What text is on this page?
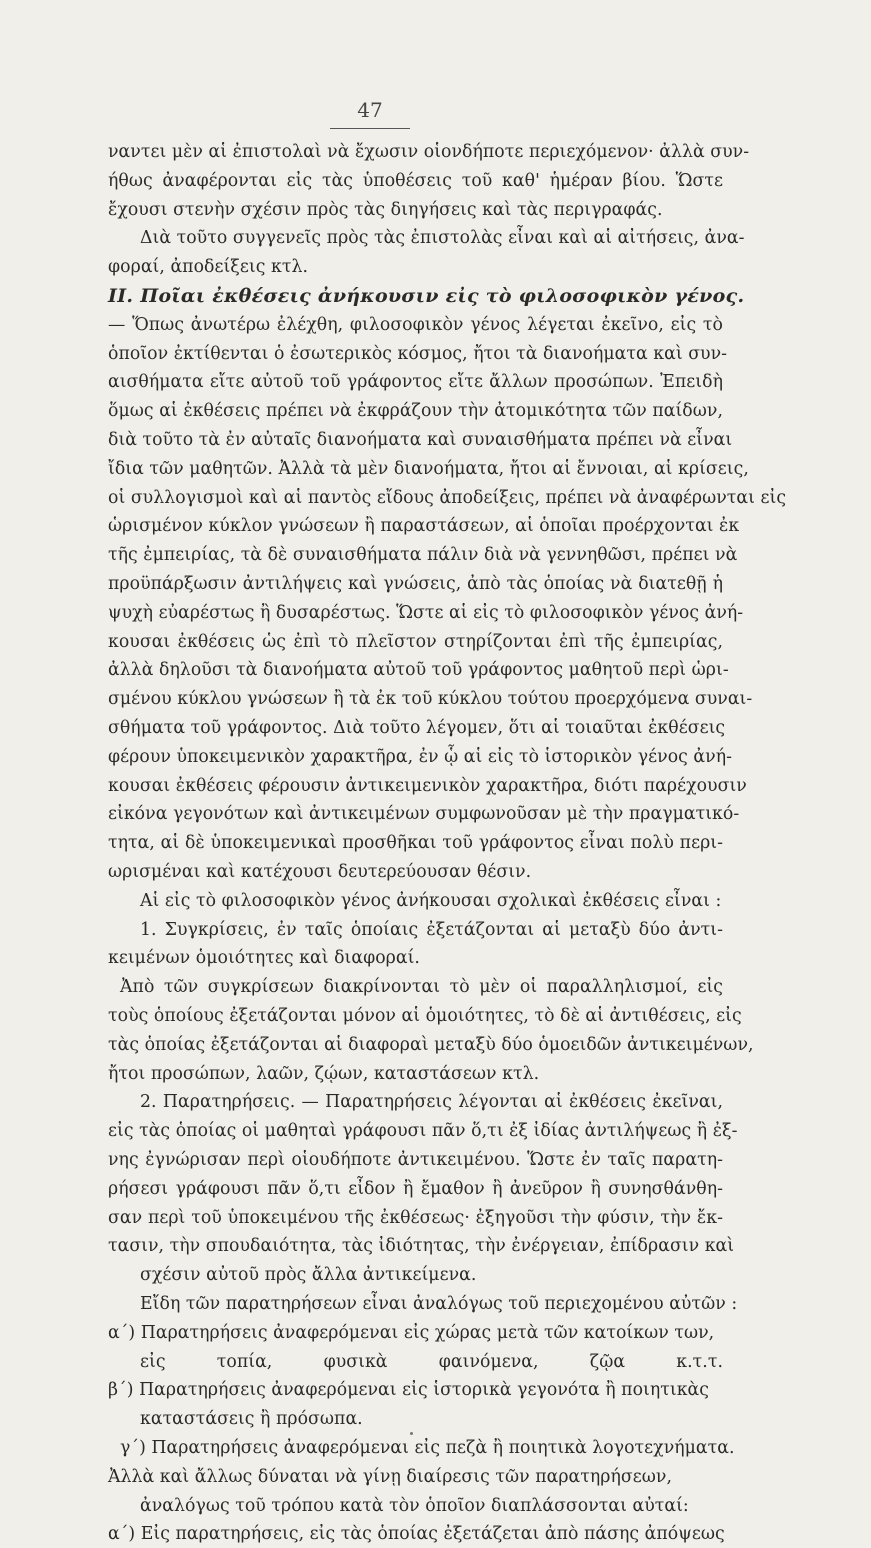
47
ναντει μὲν αἱ ἐπιστολαὶ νὰ ἔχωσιν οἱονδήποτε περιεχόμενον· ἀλλὰ συν-
ήθως ἀναφέρονται εἰς τὰς ὑποθέσεις τοῦ καθ' ἡμέραν βίου. Ὥστε
ἔχουσι στενὴν σχέσιν πρὸς τὰς διηγήσεις καὶ τὰς περιγραφάς.
Διὰ τοῦτο συγγενεῖς πρὸς τὰς ἐπιστολὰς εἶναι καὶ αἱ αἰτήσεις, ἀνα-
φοραί, ἀποδείξεις κτλ.
II. Ποῖαι ἐκθέσεις ἀνήκουσιν εἰς τὸ φιλοσοφικὸν γένος.
— Ὅπως ἀνωτέρω ἐλέχθη, φιλοσοφικὸν γένος λέγεται ἐκεῖνο, εἰς τὸ
ὁποῖον ἐκτίθενται ὁ ἐσωτερικὸς κόσμος, ἤτοι τὰ διανοήματα καὶ συν-
αισθήματα εἴτε αὐτοῦ τοῦ γράφοντος εἴτε ἄλλων προσώπων. Ἐπειδὴ
ὅμως αἱ ἐκθέσεις πρέπει νὰ ἐκφράζουν τὴν ἀτομικότητα τῶν παίδων,
διὰ τοῦτο τὰ ἐν αὐταῖς διανοήματα καὶ συναισθήματα πρέπει νὰ εἶναι
ἴδια τῶν μαθητῶν. Ἀλλὰ τὰ μὲν διανοήματα, ἤτοι αἱ ἔννοιαι, αἱ κρίσεις,
οἱ συλλογισμοὶ καὶ αἱ παντὸς εἴδους ἀποδείξεις, πρέπει νὰ ἀναφέρωνται εἰς
ὡρισμένον κύκλον γνώσεων ἢ παραστάσεων, αἱ ὁποῖαι προέρχονται ἐκ
τῆς ἐμπειρίας, τὰ δὲ συναισθήματα πάλιν διὰ νὰ γεννηθῶσι, πρέπει νὰ
προϋπάρξωσιν ἀντιλήψεις καὶ γνώσεις, ἀπὸ τὰς ὁποίας νὰ διατεθῇ ἡ
ψυχὴ εὐαρέστως ἢ δυσαρέστως. Ὥστε αἱ εἰς τὸ φιλοσοφικὸν γένος ἀνή-
κουσαι ἐκθέσεις ὡς ἐπὶ τὸ πλεῖστον στηρίζονται ἐπὶ τῆς ἐμπειρίας,
ἀλλὰ δηλοῦσι τὰ διανοήματα αὐτοῦ τοῦ γράφοντος μαθητοῦ περὶ ὡρι-
σμένου κύκλου γνώσεων ἢ τὰ ἐκ τοῦ κύκλου τούτου προερχόμενα συναι-
σθήματα τοῦ γράφοντος. Διὰ τοῦτο λέγομεν, ὅτι αἱ τοιαῦται ἐκθέσεις
φέρουν ὑποκειμενικὸν χαρακτῆρα, ἐν ᾧ αἱ εἰς τὸ ἱστορικὸν γένος ἀνή-
κουσαι ἐκθέσεις φέρουσιν ἀντικειμενικὸν χαρακτῆρα, διότι παρέχουσιν
εἰκόνα γεγονότων καὶ ἀντικειμένων συμφωνοῦσαν μὲ τὴν πραγματικό-
τητα, αἱ δὲ ὑποκειμενικαὶ προσθῆκαι τοῦ γράφοντος εἶναι πολὺ περι-
ωρισμέναι καὶ κατέχουσι δευτερεύουσαν θέσιν.
Αἱ εἰς τὸ φιλοσοφικὸν γένος ἀνήκουσαι σχολικαὶ ἐκθέσεις εἶναι :
1. Συγκρίσεις, ἐν ταῖς ὁποίαις ἐξετάζονται αἱ μεταξὺ δύο ἀντι-
κειμένων ὁμοιότητες καὶ διαφοραί.
Ἀπὸ τῶν συγκρίσεων διακρίνονται τὸ μὲν οἱ παραλληλισμοί, εἰς
τοὺς ὁποίους ἐξετάζονται μόνον αἱ ὁμοιότητες, τὸ δὲ αἱ ἀντιθέσεις, εἰς
τὰς ὁποίας ἐξετάζονται αἱ διαφοραὶ μεταξὺ δύο ὁμοειδῶν ἀντικειμένων,
ἤτοι προσώπων, λαῶν, ζῴων, καταστάσεων κτλ.
2. Παρατηρήσεις. — Παρατηρήσεις λέγονται αἱ ἐκθέσεις ἐκεῖναι,
εἰς τὰς ὁποίας οἱ μαθηταὶ γράφουσι πᾶν ὅ,τι ἐξ ἰδίας ἀντιλήψεως ἢ ἐξ-
νης ἐγνώρισαν περὶ οἱουδήποτε ἀντικειμένου. Ὥστε ἐν ταῖς παρατη-
ρήσεσι γράφουσι πᾶν ὅ,τι εἶδον ἢ ἔμαθον ἢ ἀνεῦρον ἢ συνησθάνθη-
σαν περὶ τοῦ ὑποκειμένου τῆς ἐκθέσεως· ἐξηγοῦσι τὴν φύσιν, τὴν ἔκ-
τασιν, τὴν σπουδαιότητα, τὰς ἰδιότητας, τὴν ἐνέργειαν, ἐπίδρασιν καὶ
σχέσιν αὐτοῦ πρὸς ἄλλα ἀντικείμενα.
Εἴδη τῶν παρατηρήσεων εἶναι ἀναλόγως τοῦ περιεχομένου αὐτῶν :
α΄) Παρατηρήσεις ἀναφερόμεναι εἰς χώρας μετὰ τῶν κατοίκων των,
εἰς τοπία, φυσικὰ φαινόμενα, ζῷα κ.τ.τ.
β΄) Παρατηρήσεις ἀναφερόμεναι εἰς ἱστορικὰ γεγονότα ἢ ποιητικὰς
καταστάσεις ἢ πρόσωπα.
γ΄) Παρατηρήσεις ἀναφερόμεναι εἰς πεζὰ ἢ ποιητικὰ λογοτεχνήματα.
Ἀλλὰ καὶ ἄλλως δύναται νὰ γίνῃ διαίρεσις τῶν παρατηρήσεων,
ἀναλόγως τοῦ τρόπου κατὰ τὸν ὁποῖον διαπλάσσονται αὐταί:
α΄) Εἰς παρατηρήσεις, εἰς τὰς ὁποίας ἐξετάζεται ἀπὸ πάσης ἀπόψεως
